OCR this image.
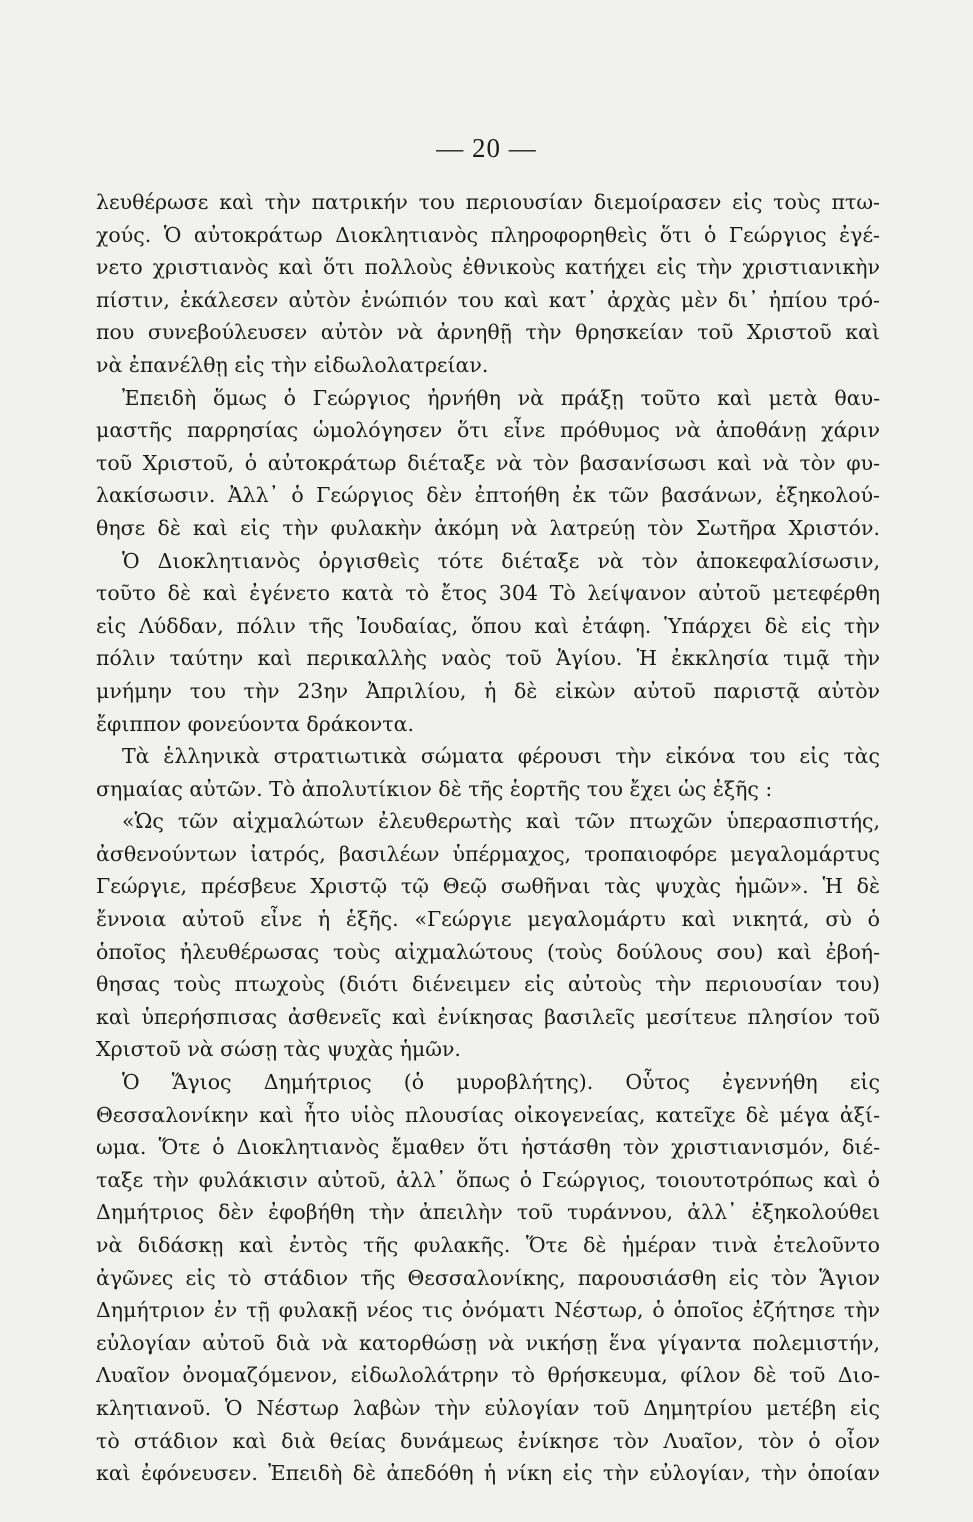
— 20 —
λευθέρωσε καὶ τὴν πατρικήν του περιουσίαν διεμοίρασεν εἰς τοὺς πτω-
χούς. Ὁ αὐτοκράτωρ Διοκλητιανὸς πληροφορηθεὶς ὅτι ὁ Γεώργιος ἐγέ-
νετο χριστιανὸς καὶ ὅτι πολλοὺς ἐθνικοὺς κατήχει εἰς τὴν χριστιανικὴν
πίστιν, ἐκάλεσεν αὐτὸν ἐνώπιόν του καὶ κατ᾽ ἀρχὰς μὲν δι᾽ ἠπίου τρό-
που συνεβούλευσεν αὐτὸν νὰ ἀρνηθῇ τὴν θρησκείαν τοῦ Χριστοῦ καὶ
νὰ ἐπανέλθῃ εἰς τὴν εἰδωλολατρείαν.
Ἐπειδὴ ὅμως ὁ Γεώργιος ἠρνήθη νὰ πράξῃ τοῦτο καὶ μετὰ θαυ-
μαστῆς παρρησίας ὡμολόγησεν ὅτι εἶνε πρόθυμος νὰ ἀποθάνῃ χάριν
τοῦ Χριστοῦ, ὁ αὐτοκράτωρ διέταξε νὰ τὸν βασανίσωσι καὶ νὰ τὸν φυ-
λακίσωσιν. Ἀλλ᾽ ὁ Γεώργιος δὲν ἐπτοήθη ἐκ τῶν βασάνων, ἐξηκολού-
θησε δὲ καὶ εἰς τὴν φυλακὴν ἀκόμη νὰ λατρεύῃ τὸν Σωτῆρα Χριστόν.
Ὁ Διοκλητιανὸς ὀργισθεὶς τότε διέταξε νὰ τὸν ἀποκεφαλίσωσιν,
τοῦτο δὲ καὶ ἐγένετο κατὰ τὸ ἔτος 304 Τὸ λείψανον αὐτοῦ μετεφέρθη
εἰς Λύδδαν, πόλιν τῆς Ἰουδαίας, ὅπου καὶ ἐτάφη. Ὑπάρχει δὲ εἰς τὴν
πόλιν ταύτην καὶ περικαλλὴς ναὸς τοῦ Ἁγίου. Ἡ ἐκκλησία τιμᾷ τὴν
μνήμην του τὴν 23ην Ἀπριλίου, ἡ δὲ εἰκὼν αὐτοῦ παριστᾷ αὐτὸν
ἔφιππον φονεύοντα δράκοντα.
Τὰ ἑλληνικὰ στρατιωτικὰ σώματα φέρουσι τὴν εἰκόνα του εἰς τὰς
σημαίας αὐτῶν. Τὸ ἀπολυτίκιον δὲ τῆς ἑορτῆς του ἔχει ὡς ἑξῆς :
«Ὡς τῶν αἰχμαλώτων ἐλευθερωτὴς καὶ τῶν πτωχῶν ὑπερασπιστής,
ἀσθενούντων ἰατρός, βασιλέων ὑπέρμαχος, τροπαιοφόρε μεγαλομάρτυς
Γεώργιε, πρέσβευε Χριστῷ τῷ Θεῷ σωθῆναι τὰς ψυχὰς ἡμῶν». Ἡ δὲ
ἔννοια αὐτοῦ εἶνε ἡ ἑξῆς. «Γεώργιε μεγαλομάρτυ καὶ νικητά, σὺ ὁ
ὁποῖος ἠλευθέρωσας τοὺς αἰχμαλώτους (τοὺς δούλους σου) καὶ ἐβοή-
θησας τοὺς πτωχοὺς (διότι διένειμεν εἰς αὐτοὺς τὴν περιουσίαν του)
καὶ ὑπερήσπισας ἀσθενεῖς καὶ ἐνίκησας βασιλεῖς μεσίτευε πλησίον τοῦ
Χριστοῦ νὰ σώσῃ τὰς ψυχὰς ἡμῶν.
Ὁ Ἅγιος Δημήτριος (ὁ μυροβλήτης). Οὗτος ἐγεννήθη εἰς
Θεσσαλονίκην καὶ ἦτο υἱὸς πλουσίας οἰκογενείας, κατεῖχε δὲ μέγα ἀξί-
ωμα. Ὅτε ὁ Διοκλητιανὸς ἔμαθεν ὅτι ἠστάσθη τὸν χριστιανισμόν, διέ-
ταξε τὴν φυλάκισιν αὐτοῦ, ἀλλ᾽ ὅπως ὁ Γεώργιος, τοιουτοτρόπως καὶ ὁ
Δημήτριος δὲν ἐφοβήθη τὴν ἀπειλὴν τοῦ τυράννου, ἀλλ᾽ ἐξηκολούθει
νὰ διδάσκῃ καὶ ἐντὸς τῆς φυλακῆς. Ὅτε δὲ ἡμέραν τινὰ ἐτελοῦντο
ἀγῶνες εἰς τὸ στάδιον τῆς Θεσσαλονίκης, παρουσιάσθη εἰς τὸν Ἅγιον
Δημήτριον ἐν τῇ φυλακῇ νέος τις ὀνόματι Νέστωρ, ὁ ὁποῖος ἐζήτησε τὴν
εὐλογίαν αὐτοῦ διὰ νὰ κατορθώσῃ νὰ νικήσῃ ἕνα γίγαντα πολεμιστήν,
Λυαῖον ὀνομαζόμενον, εἰδωλολάτρην τὸ θρήσκευμα, φίλον δὲ τοῦ Διο-
κλητιανοῦ. Ὁ Νέστωρ λαβὼν τὴν εὐλογίαν τοῦ Δημητρίου μετέβη εἰς
τὸ στάδιον καὶ διὰ θείας δυνάμεως ἐνίκησε τὸν Λυαῖον, τὸν ὁ οἶον
καὶ ἐφόνευσεν. Ἐπειδὴ δὲ ἀπεδόθη ἡ νίκη εἰς τὴν εὐλογίαν, τὴν ὁποίαν
